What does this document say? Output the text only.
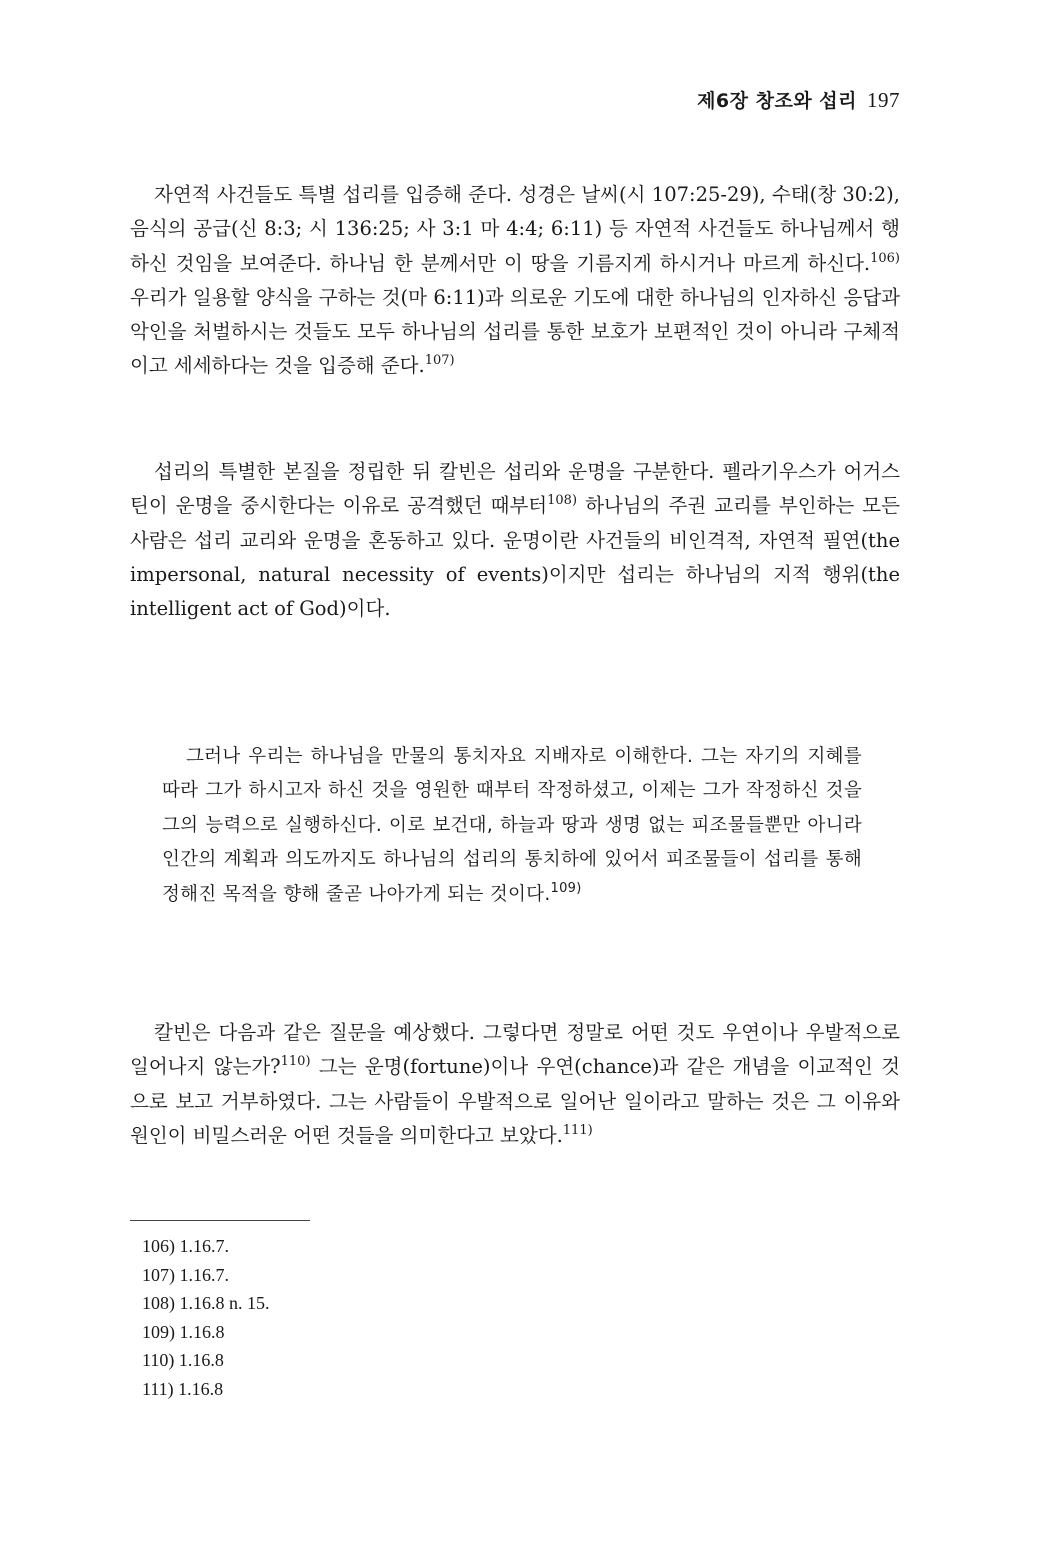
제6장 창조와 섭리 197

자연적 사건들도 특별 섭리를 입증해 준다. 성경은 날씨(시 107:25-29), 수태(창 30:2), 음식의 공급(신 8:3; 시 136:25; 사 3:1 마 4:4; 6:11) 등 자연적 사건들도 하나님께서 행하신 것임을 보여준다. 하나님 한 분께서만 이 땅을 기름지게 하시거나 마르게 하신다.$^{106)}$ 우리가 일용할 양식을 구하는 것(마 6:11)과 의로운 기도에 대한 하나님의 인자하신 응답과 악인을 처벌하시는 것들도 모두 하나님의 섭리를 통한 보호가 보편적인 것이 아니라 구체적이고 세세하다는 것을 입증해 준다.$^{107)}$

섭리의 특별한 본질을 정립한 뒤 칼빈은 섭리와 운명을 구분한다. 펠라기우스가 어거스틴이 운명을 중시한다는 이유로 공격했던 때부터$^{108)}$ 하나님의 주권 교리를 부인하는 모든 사람은 섭리 교리와 운명을 혼동하고 있다. 운명이란 사건들의 비인격적, 자연적 필연(the impersonal, natural necessity of events)이지만 섭리는 하나님의 지적 행위(the intelligent act of God)이다.

그러나 우리는 하나님을 만물의 통치자요 지배자로 이해한다. 그는 자기의 지혜를 따라 그가 하시고자 하신 것을 영원한 때부터 작정하셨고, 이제는 그가 작정하신 것을 그의 능력으로 실행하신다. 이로 보건대, 하늘과 땅과 생명 없는 피조물들뿐만 아니라 인간의 계획과 의도까지도 하나님의 섭리의 통치하에 있어서 피조물들이 섭리를 통해 정해진 목적을 향해 줄곧 나아가게 되는 것이다.$^{109)}$

칼빈은 다음과 같은 질문을 예상했다. 그렇다면 정말로 어떤 것도 우연이나 우발적으로 일어나지 않는가?$^{110)}$ 그는 운명(fortune)이나 우연(chance)과 같은 개념을 이교적인 것으로 보고 거부하였다. 그는 사람들이 우발적으로 일어난 일이라고 말하는 것은 그 이유와 원인이 비밀스러운 어떤 것들을 의미한다고 보았다.$^{111)}$

106) 1.16.7.
107) 1.16.7.
108) 1.16.8 n. 15.
109) 1.16.8
110) 1.16.8
111) 1.16.8
